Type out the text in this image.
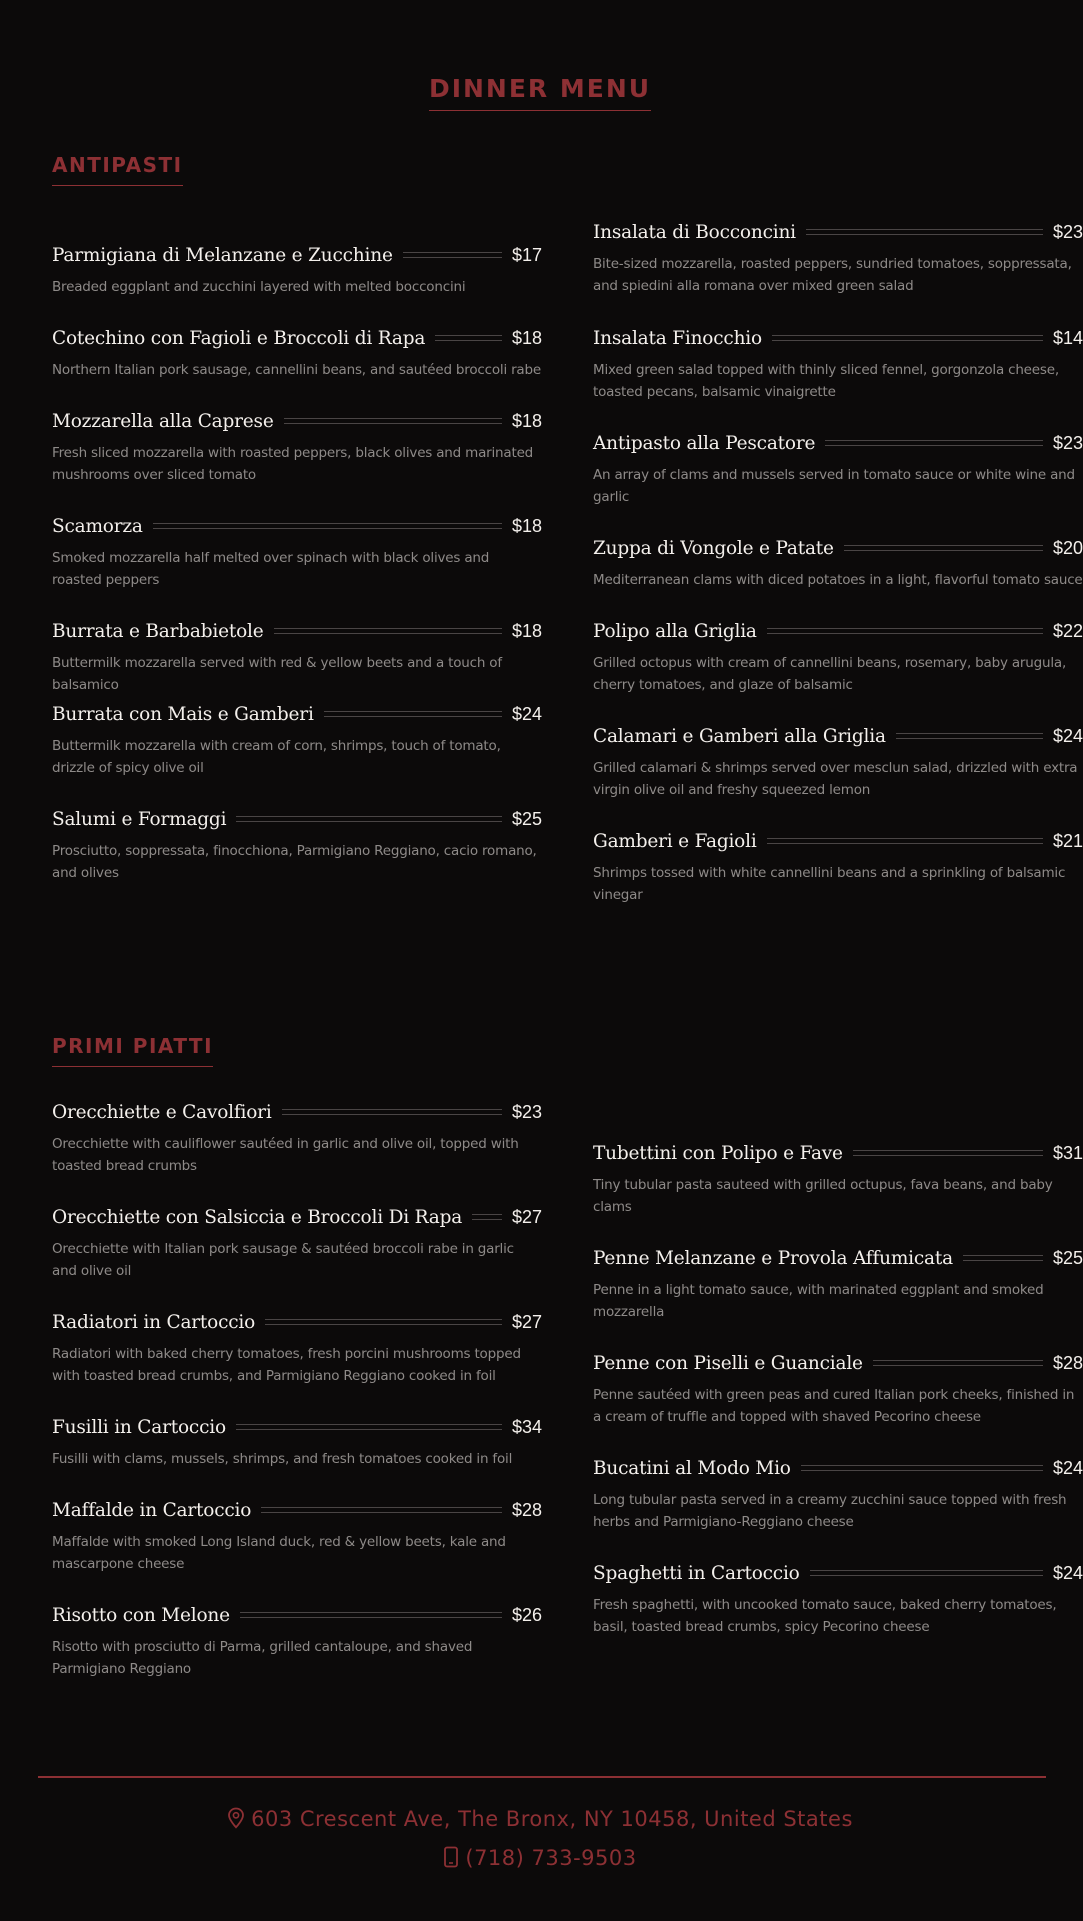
DINNER MENU
ANTIPASTI
PRIMI PIATTI
Parmigiana di Melanzane e Zucchine	$17
Breaded eggplant and zucchini layered with melted bocconcini
Cotechino con Fagioli e Broccoli di Rapa	$18
Northern Italian pork sausage, cannellini beans, and sautéed broccoli rabe
Mozzarella alla Caprese	$18
Fresh sliced mozzarella with roasted peppers, black olives and marinated mushrooms over sliced tomato
Scamorza	$18
Smoked mozzarella half melted over spinach with black olives and roasted peppers
Burrata e Barbabietole	$18
Buttermilk mozzarella served with red & yellow beets and a touch of balsamico
Burrata con Mais e Gamberi	$24
Buttermilk mozzarella with cream of corn, shrimps, touch of tomato, drizzle of spicy olive oil
Salumi e Formaggi	$25
Prosciutto, soppressata, finocchiona, Parmigiano Reggiano, cacio romano, and olives
Insalata di Bocconcini	$23
Bite-sized mozzarella, roasted peppers, sundried tomatoes, soppressata, and spiedini alla romana over mixed green salad
Insalata Finocchio	$14
Mixed green salad topped with thinly sliced fennel, gorgonzola cheese, toasted pecans, balsamic vinaigrette
Antipasto alla Pescatore	$23
An array of clams and mussels served in tomato sauce or white wine and garlic
Zuppa di Vongole e Patate	$20
Mediterranean clams with diced potatoes in a light, flavorful tomato sauce
Polipo alla Griglia	$22
Grilled octopus with cream of cannellini beans, rosemary, baby arugula, cherry tomatoes, and glaze of balsamic
Calamari e Gamberi alla Griglia	$24
Grilled calamari & shrimps served over mesclun salad, drizzled with extra virgin olive oil and freshy squeezed lemon
Gamberi e Fagioli	$21
Shrimps tossed with white cannellini beans and a sprinkling of balsamic vinegar
Orecchiette e Cavolfiori	$23
Orecchiette with cauliflower sautéed in garlic and olive oil, topped with toasted bread crumbs
Orecchiette con Salsiccia e Broccoli Di Rapa	$27
Orecchiette with Italian pork sausage & sautéed broccoli rabe in garlic and olive oil
Radiatori in Cartoccio	$27
Radiatori with baked cherry tomatoes, fresh porcini mushrooms topped with toasted bread crumbs, and Parmigiano Reggiano cooked in foil
Fusilli in Cartoccio	$34
Fusilli with clams, mussels, shrimps, and fresh tomatoes cooked in foil
Maffalde in Cartoccio	$28
Maffalde with smoked Long Island duck, red & yellow beets, kale and mascarpone cheese
Risotto con Melone	$26
Risotto with prosciutto di Parma, grilled cantaloupe, and shaved Parmigiano Reggiano
Tubettini con Polipo e Fave	$31
Tiny tubular pasta sauteed with grilled octupus, fava beans, and baby clams
Penne Melanzane e Provola Affumicata	$25
Penne in a light tomato sauce, with marinated eggplant and smoked mozzarella
Penne con Piselli e Guanciale	$28
Penne sautéed with green peas and cured Italian pork cheeks, finished in a cream of truffle and topped with shaved Pecorino cheese
Bucatini al Modo Mio	$24
Long tubular pasta served in a creamy zucchini sauce topped with fresh herbs and Parmigiano-Reggiano cheese
Spaghetti in Cartoccio	$24
Fresh spaghetti, with uncooked tomato sauce, baked cherry tomatoes, basil, toasted bread crumbs, spicy Pecorino cheese
603 Crescent Ave, The Bronx, NY 10458, United States
(718) 733-9503
